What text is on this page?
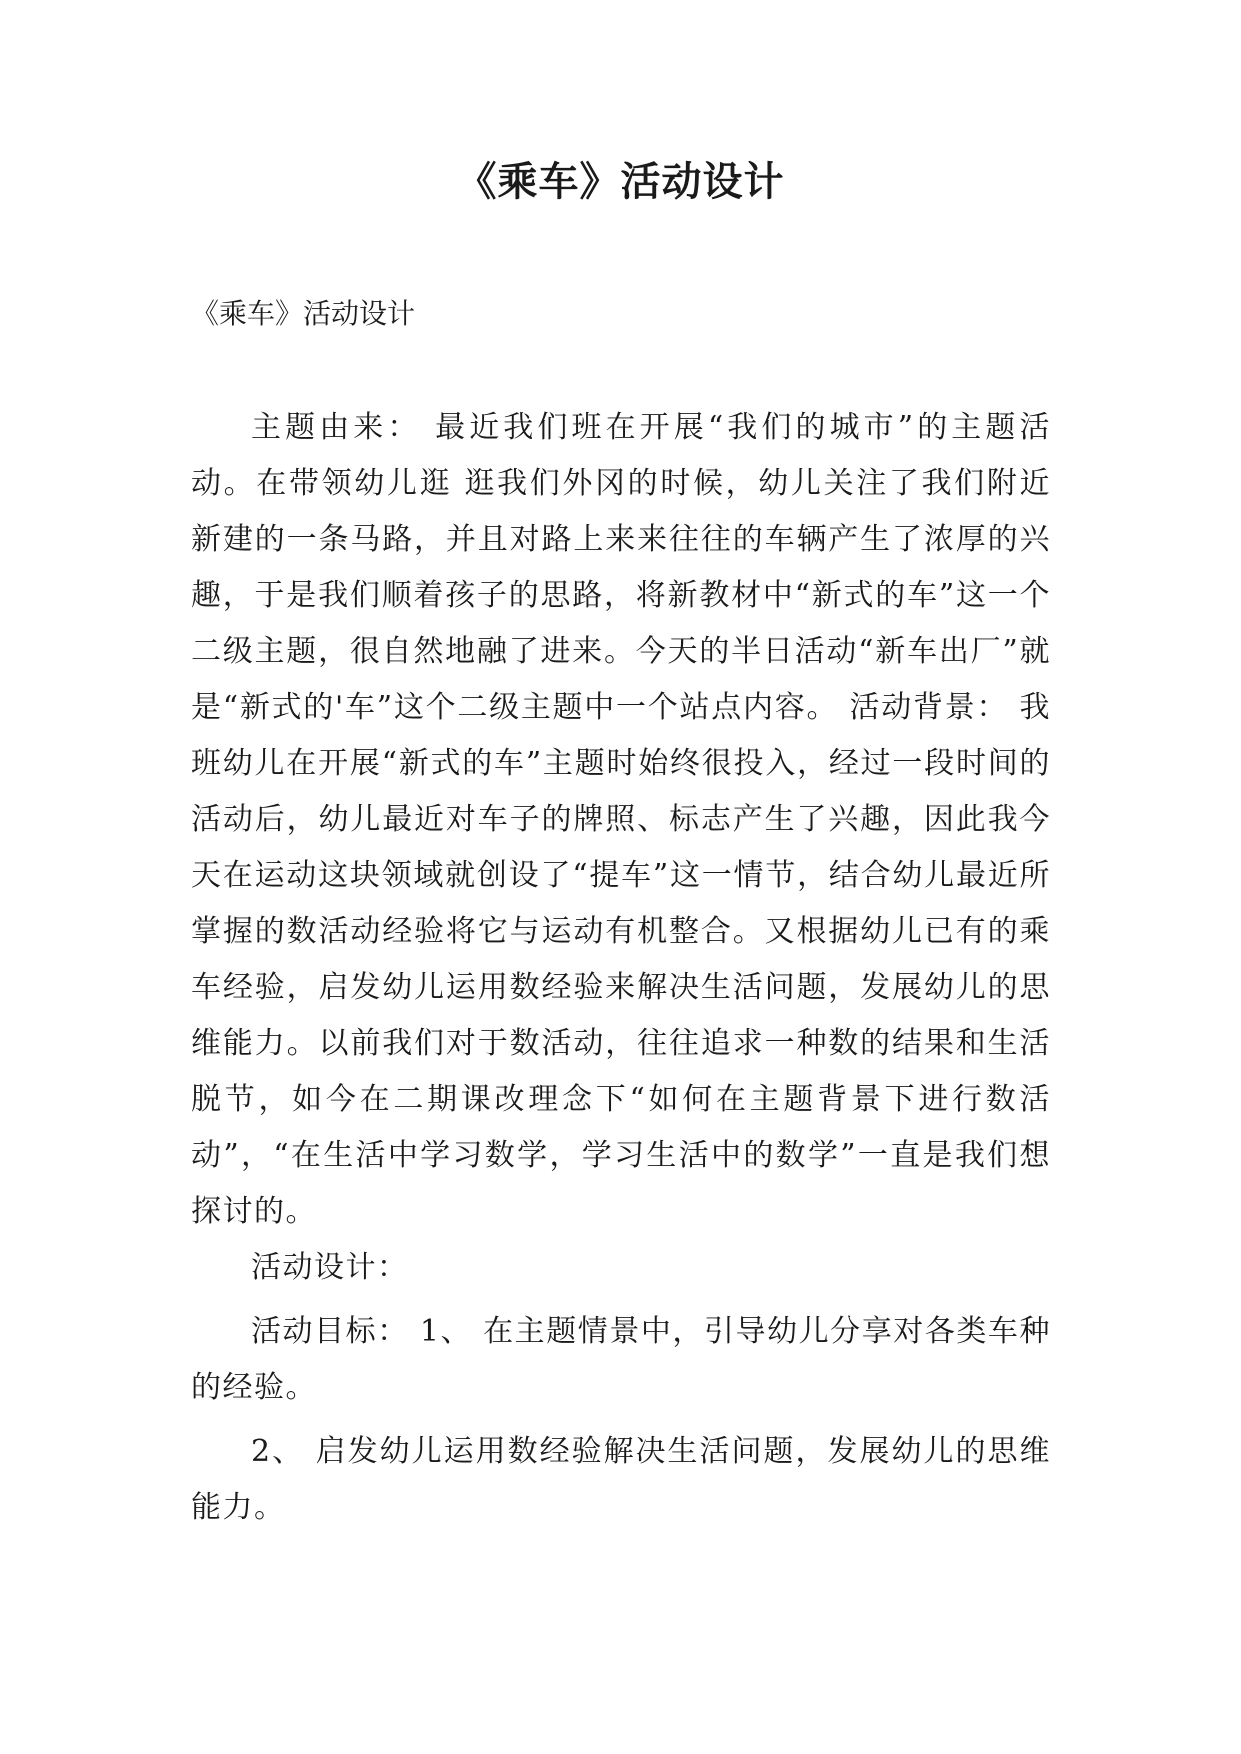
《乘车》活动设计
《乘车》活动设计

主题由来： 最近我们班在开展“我们的城市”的主题活动。在带领幼儿逛 逛我们外冈的时候，幼儿关注了我们附近新建的一条马路，并且对路上来来往往的车辆产生了浓厚的兴趣，于是我们顺着孩子的思路，将新教材中“新式的车”这一个二级主题，很自然地融了进来。今天的半日活动“新车出厂”就是“新式的'车”这个二级主题中一个站点内容。 活动背景： 我班幼儿在开展“新式的车”主题时始终很投入，经过一段时间的活动后，幼儿最近对车子的牌照、标志产生了兴趣，因此我今天在运动这块领域就创设了“提车”这一情节，结合幼儿最近所掌握的数活动经验将它与运动有机整合。又根据幼儿已有的乘车经验，启发幼儿运用数经验来解决生活问题，发展幼儿的思维能力。以前我们对于数活动，往往追求一种数的结果和生活脱节，如今在二期课改理念下“如何在主题背景下进行数活动”，“在生活中学习数学，学习生活中的数学”一直是我们想探讨的。

活动设计：

活动目标： 1、 在主题情景中，引导幼儿分享对各类车种的经验。

2、 启发幼儿运用数经验解决生活问题，发展幼儿的思维能力。
